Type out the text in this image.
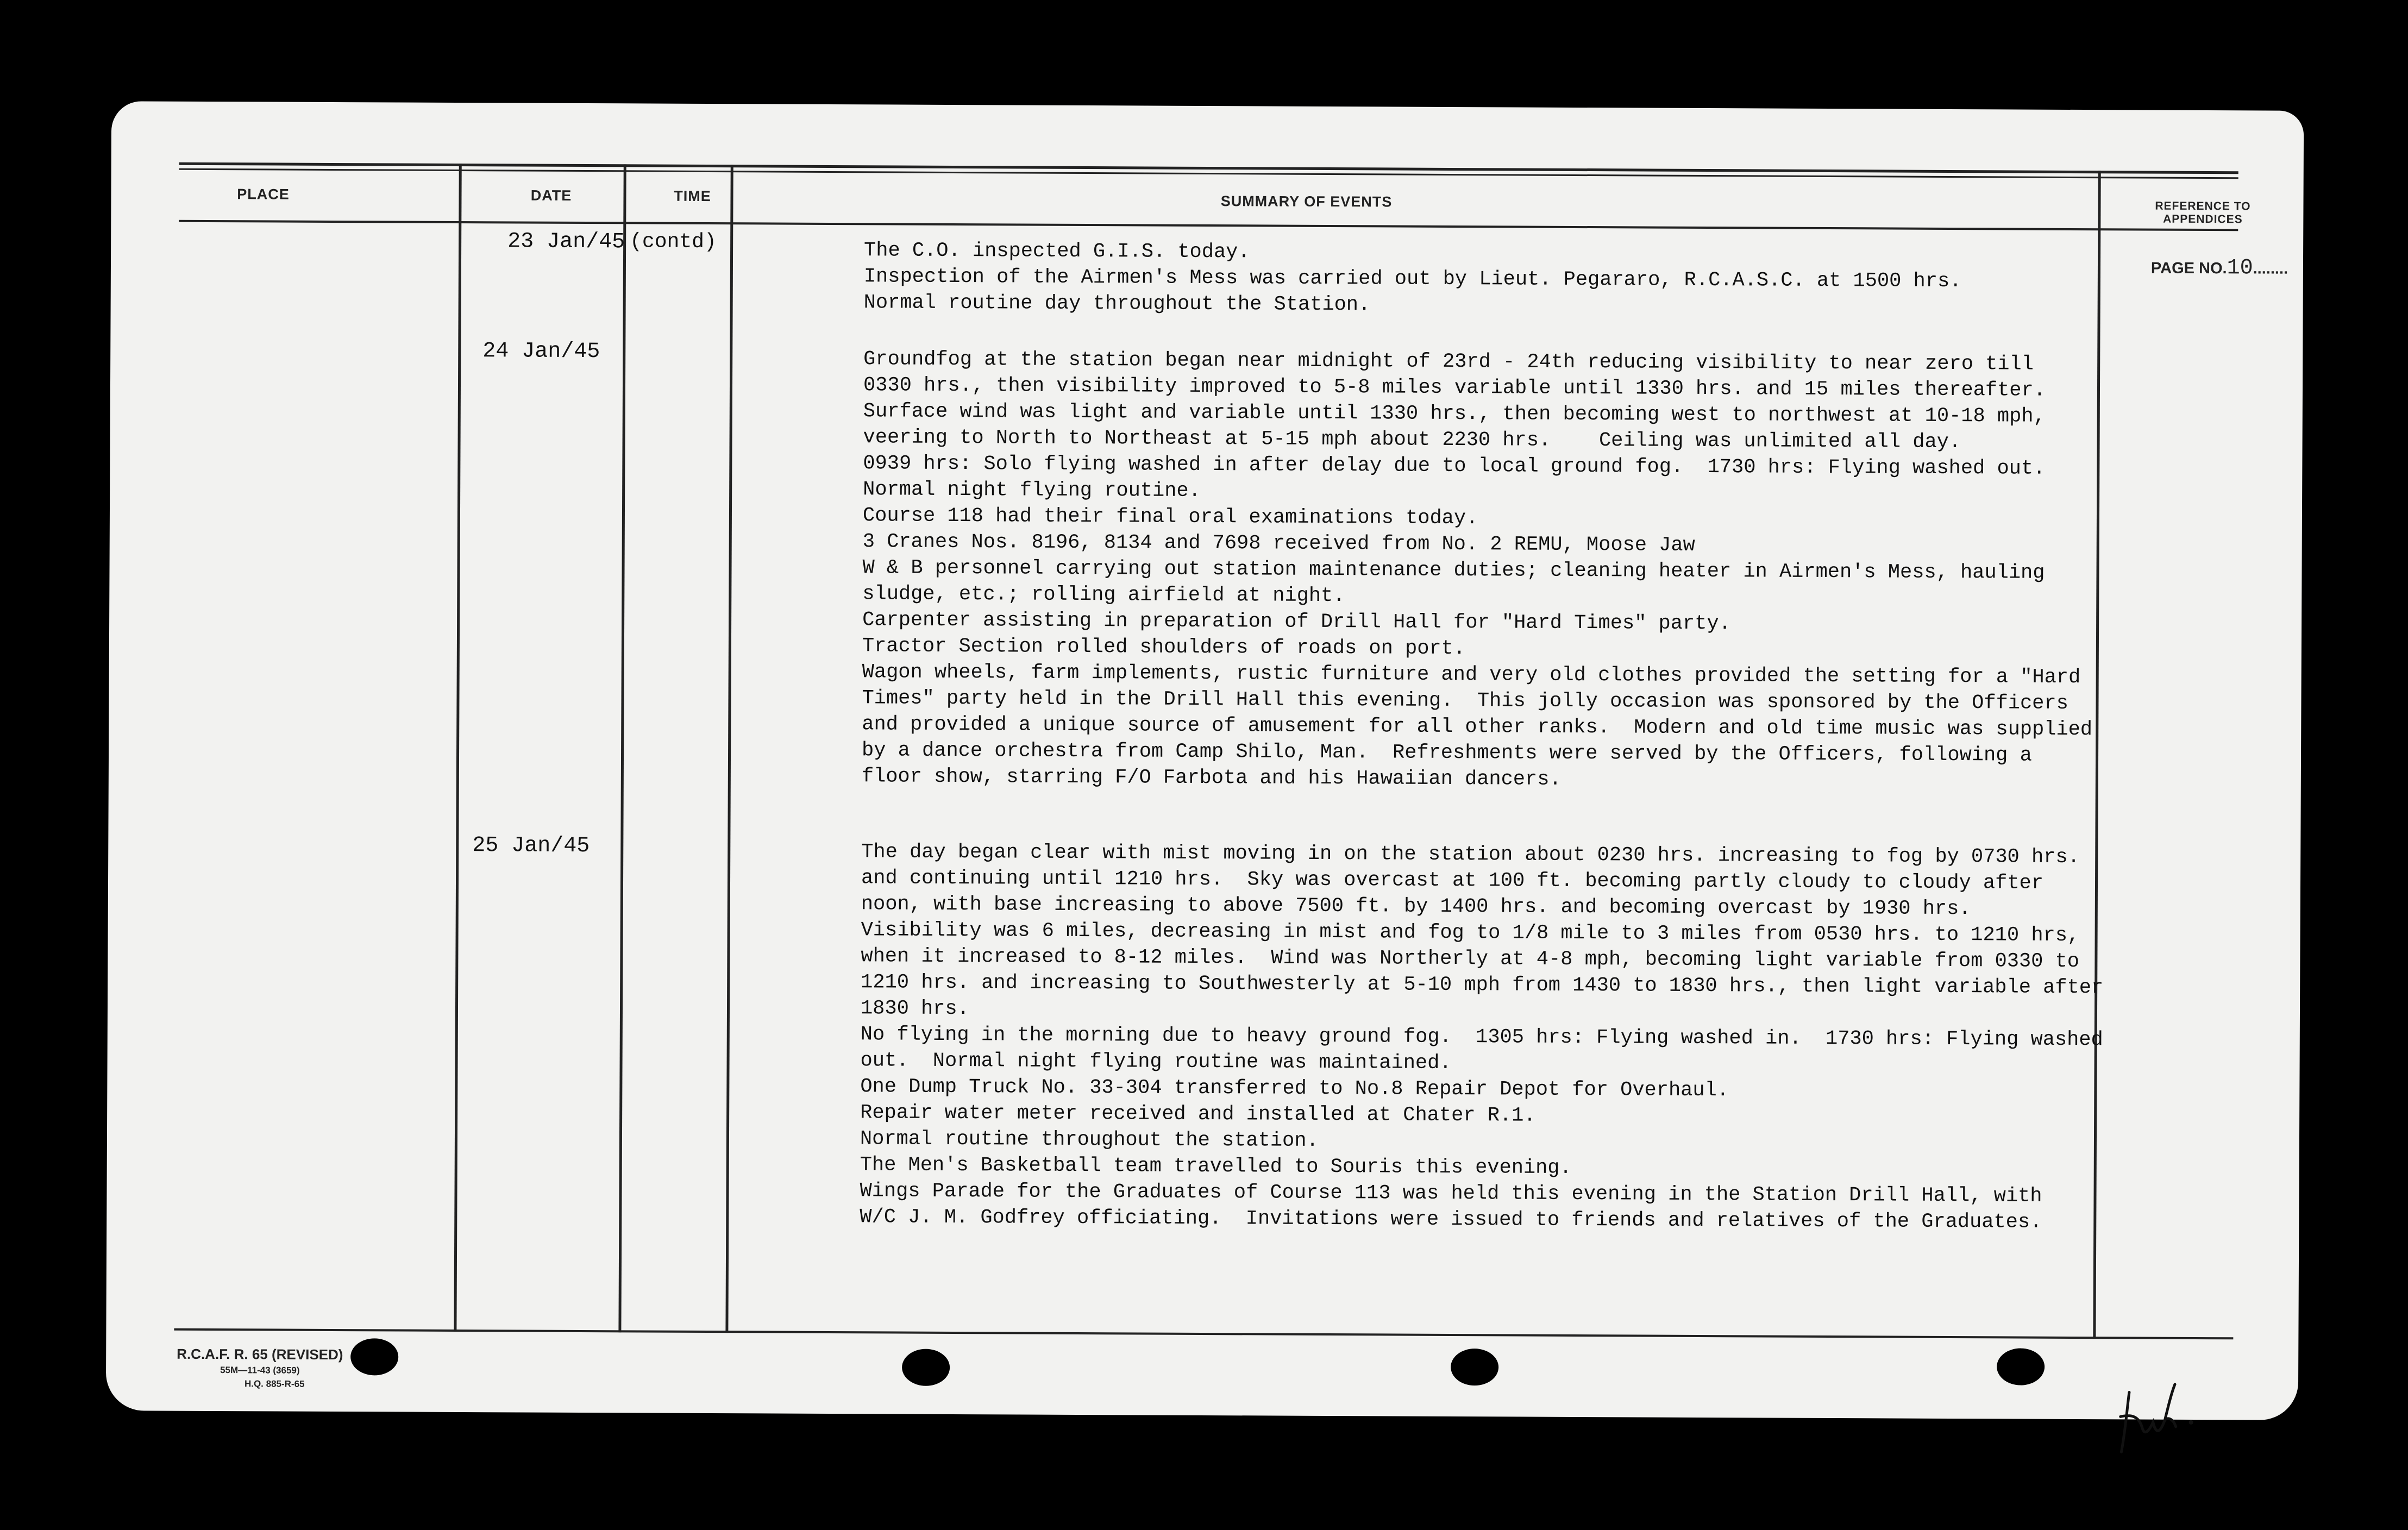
PAGE NO.10........
PLACE	DATE	TIME	SUMMARY OF EVENTS	REFERENCE TO
APPENDICES
23 Jan/45 (contd)	The C.O. inspected G.I.S. today.
Inspection of the Airmen's Mess was carried out by Lieut. Pegararo, R.C.A.S.C. at 1500 hrs.
Normal routine day throughout the Station.
24 Jan/45	Groundfog at the station began near midnight of 23rd - 24th reducing visibility to near zero till
0330 hrs., then visibility improved to 5-8 miles variable until 1330 hrs. and 15 miles thereafter.
Surface wind was light and variable until 1330 hrs., then becoming west to northwest at 10-18 mph,
veering to North to Northeast at 5-15 mph about 2230 hrs.    Ceiling was unlimited all day.
0939 hrs: Solo flying washed in after delay due to local ground fog.  1730 hrs: Flying washed out.
Normal night flying routine.
Course 118 had their final oral examinations today.
3 Cranes Nos. 8196, 8134 and 7698 received from No. 2 REMU, Moose Jaw
W & B personnel carrying out station maintenance duties; cleaning heater in Airmen's Mess, hauling
sludge, etc.; rolling airfield at night.
Carpenter assisting in preparation of Drill Hall for "Hard Times" party.
Tractor Section rolled shoulders of roads on port.
Wagon wheels, farm implements, rustic furniture and very old clothes provided the setting for a "Hard
Times" party held in the Drill Hall this evening.  This jolly occasion was sponsored by the Officers
and provided a unique source of amusement for all other ranks.  Modern and old time music was supplied
by a dance orchestra from Camp Shilo, Man.  Refreshments were served by the Officers, following a
floor show, starring F/O Farbota and his Hawaiian dancers.
25 Jan/45	The day began clear with mist moving in on the station about 0230 hrs. increasing to fog by 0730 hrs.
and continuing until 1210 hrs.  Sky was overcast at 100 ft. becoming partly cloudy to cloudy after
noon, with base increasing to above 7500 ft. by 1400 hrs. and becoming overcast by 1930 hrs.
Visibility was 6 miles, decreasing in mist and fog to 1/8 mile to 3 miles from 0530 hrs. to 1210 hrs,
when it increased to 8-12 miles.  Wind was Northerly at 4-8 mph, becoming light variable from 0330 to
1210 hrs. and increasing to Southwesterly at 5-10 mph from 1430 to 1830 hrs., then light variable after
1830 hrs.
No flying in the morning due to heavy ground fog.  1305 hrs: Flying washed in.  1730 hrs: Flying washed
out.  Normal night flying routine was maintained.
One Dump Truck No. 33-304 transferred to No.8 Repair Depot for Overhaul.
Repair water meter received and installed at Chater R.1.
Normal routine throughout the station.
The Men's Basketball team travelled to Souris this evening.
Wings Parade for the Graduates of Course 113 was held this evening in the Station Drill Hall, with
W/C J. M. Godfrey officiating.  Invitations were issued to friends and relatives of the Graduates.
R.C.A.F. R. 65 (REVISED)
55M—11-43 (3659)
H.Q. 885-R-65
